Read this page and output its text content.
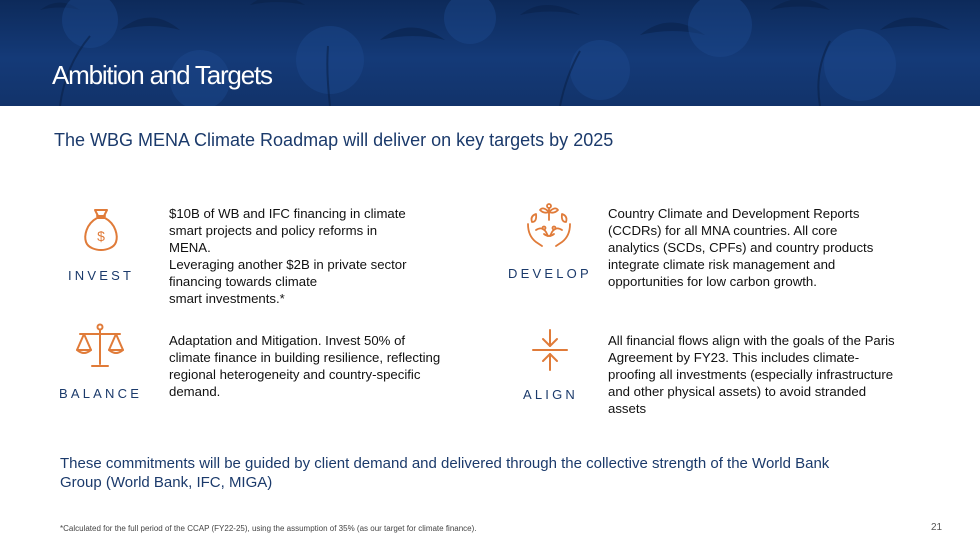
Ambition and Targets
The WBG MENA Climate Roadmap will deliver on key targets by 2025
$
INVEST
$10B of WB and IFC financing in climate
smart projects and policy reforms in
MENA.
Leveraging another $2B in private sector
financing towards climate
smart investments.*
DEVELOP
Country Climate and Development Reports
(CCDRs) for all MNA countries. All core
analytics (SCDs, CPFs) and country products
integrate climate risk management and
opportunities for low carbon growth.
BALANCE
Adaptation and Mitigation. Invest 50% of
climate finance in building resilience, reflecting
regional heterogeneity and country-specific
demand.	ALIGN
All financial flows align with the goals of the Paris
Agreement by FY23. This includes climate-
proofing all investments (especially infrastructure
and other physical assets) to avoid stranded
assets
These commitments will be guided by client demand and delivered through the collective strength of the World Bank Group (World Bank, IFC, MIGA)
*Calculated for the full period of the CCAP (FY22-25), using the assumption of 35% (as our target for climate finance).	21
